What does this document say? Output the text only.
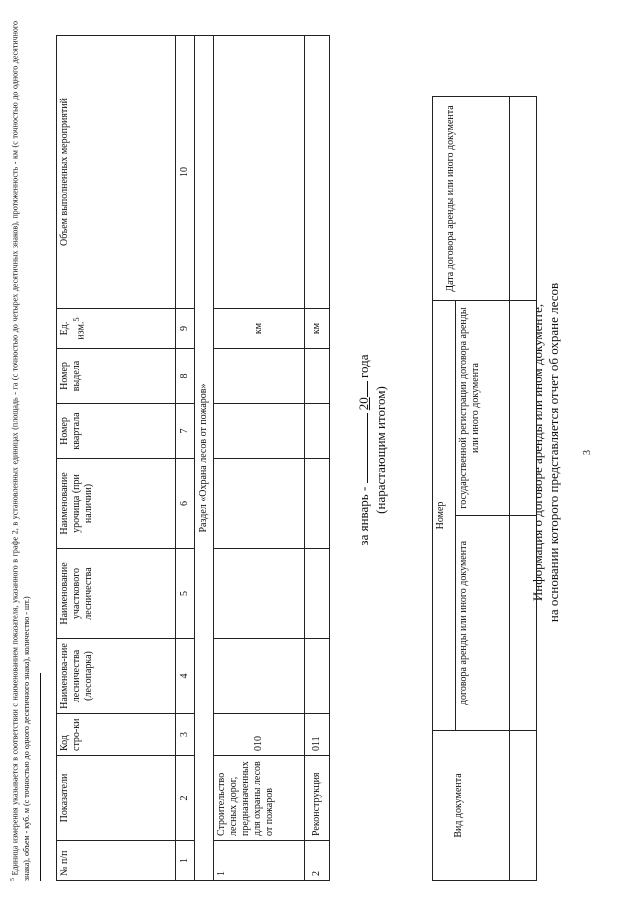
3
Информация о договоре аренды или ином документе, на основании которого представляется отчет об охране лесов
Вид документа	Номер		Дата договора аренды или иного документа
	договора аренды или иного документа	государственной регистрации договора аренды или иного документа	

за январь -  20 года
(нарастающим итогом)
№ п/п	Показатели	Код стро-ки	Наименова-ние лесничества (лесопарка)	Наименование участкового лесничества	Наименование урочища (при наличии)	Номер квартала	Номер выдела	Ед. изм.$^5$	Объем выполненных мероприятий
1	2	3	4	5	6	7	8	9	10
Раздел «Охрана лесов от пожаров»									
1	Строительство лесных дорог, предназначенных для охраны лесов от пожаров	010						км	
2	Реконструкция	011						км	
$^5$ Единица измерения указывается в соответствии с наименованием показателя, указанного в графе 2, в установленных единицах (площадь - га (с точностью до четырех десятичных знаков), протяженность - км (с точностью до одного десятичного знака), объем - куб. м (с точностью до одного десятичного знака), количество - шт.)
